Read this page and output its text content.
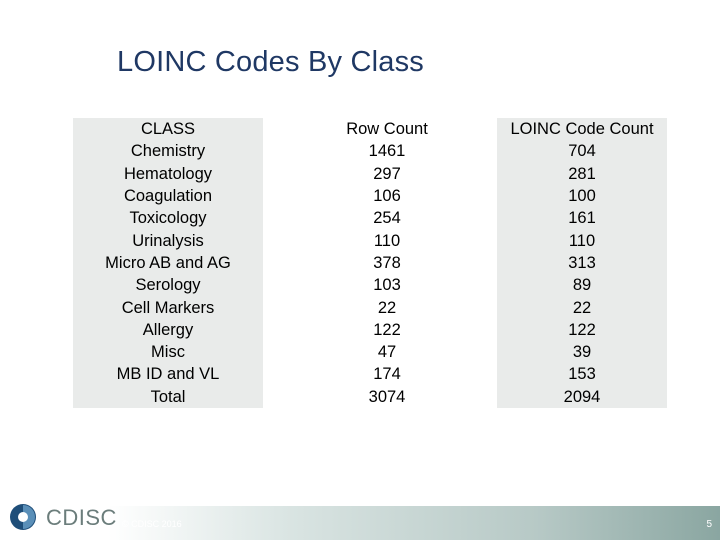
LOINC Codes By Class
CLASS		Row Count		LOINC Code Count
Chemistry		1461		704
Hematology		297		281
Coagulation		106		100
Toxicology		254		161
Urinalysis		110		110
Micro AB and AG		378		313
Serology		103		89
Cell Markers		22		22
Allergy		122		122
Misc		47		39
MB ID and VL		174		153
Total		3074		2094
CDISC © CDISC 2016	5
